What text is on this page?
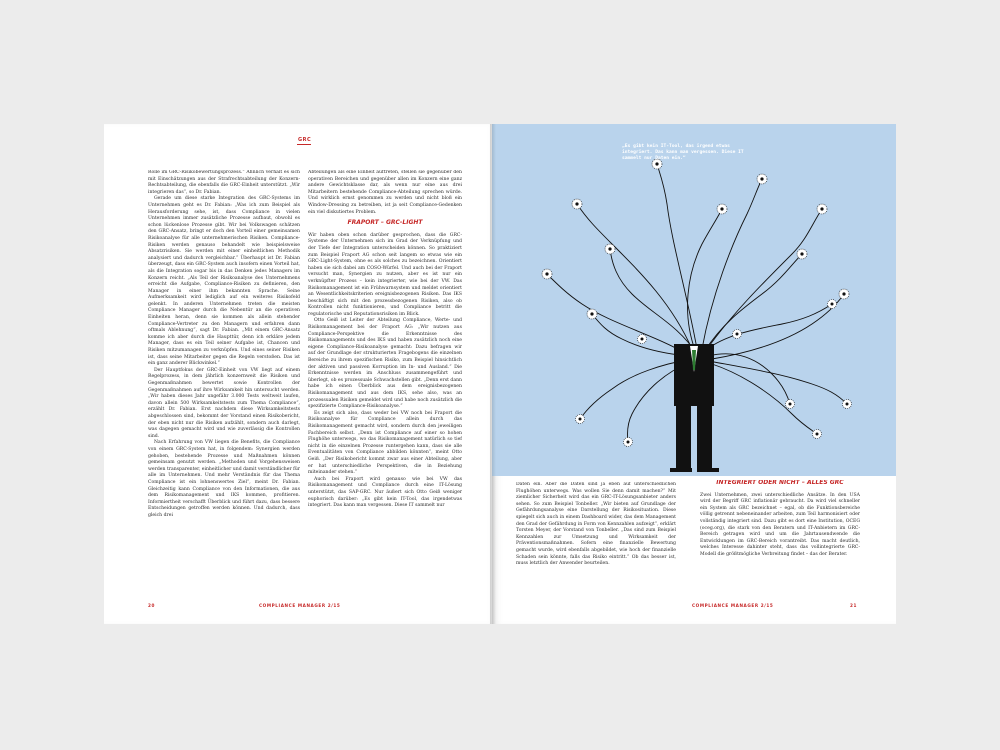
GRC

Rolle im GRC-Risikobewertungsprozess.“ Ähnlich verhält es sich mit Einschätzungen aus der Strafrechtsabteilung der Konzern-Rechtsabteilung, die ebenfalls die GRC-Einheit unterstützt. „Wir integrieren das“, so Dr. Fabian.

Gerade um diese starke Integration des GRC-Systems im Unternehmen geht es Dr. Fabian: „Was ich zum Beispiel als Herausforderung sehe, ist, dass Compliance in vielen Unternehmen immer zusätzliche Prozesse aufbaut, obwohl es schon lückenlose Prozesse gibt. Wir bei Volkswagen schätzen den GRC-Ansatz, bringt er doch den Vorteil einer gemeinsamen Risikoanalyse für alle unternehmerischen Risiken. Compliance-Risiken werden genauso behandelt wie beispielsweise Absatzrisiken. Sie werden mit einer einheitlichen Methodik analysiert und dadurch vergleichbar.“ Überhaupt ist Dr. Fabian überzeugt, dass ein GRC-System auch insofern einen Vorteil hat, als die Integration sogar bis in das Denken jedes Managers im Konzern reicht. „Als Teil der Risikoanalyse des Unternehmens erreicht die Aufgabe, Compliance-Risiken zu definieren, den Manager in einer ihm bekannten Sprache. Seine Aufmerksamkeit wird lediglich auf ein weiteres Risikofeld gelenkt. In anderen Unternehmen treten die meisten Compliance Manager durch die Nebentür an die operativen Einheiten heran, denn sie kommen als allein stehender Compliance-Vertreter zu den Managern und erfahren dann oftmals Ablehnung“, sagt Dr. Fabian. „Mit einem GRC-Ansatz komme ich aber durch die Haupttür, denn ich erkläre jedem Manager, dass es ein Teil seiner Aufgabe ist, Chancen und Risiken mitzumanagen zu verknüpfen. Und eines seiner Risiken ist, dass seine Mitarbeiter gegen die Regeln verstoßen. Das ist ein ganz anderer Blickwinkel.“

Der Hauptfokus der GRC-Einheit von VW liegt auf einem Regelprozess, in dem jährlich konzernweit die Risiken und Gegenmaßnahmen bewertet sowie Kontrollen der Gegenmaßnahmen auf ihre Wirksamkeit hin untersucht werden. „Wir haben dieses Jahr ungefähr 3.000 Tests weltweit laufen, davon allein 500 Wirksamkeitstests zum Thema Compliance“, erzählt Dr. Fabian. Erst nachdem diese Wirksamkeitstests abgeschlossen sind, bekommt der Vorstand einen Risikobericht, der eben nicht nur die Risiken aufzählt, sondern auch darlegt, was dagegen gemacht wird und wie zuverlässig die Kontrollen sind.

Nach Erfahrung von VW liegen die Benefits, die Compliance von einem GRC-System hat, in folgendem: Synergien werden gehoben, bestehende Prozesse und Maßnahmen können gemeinsam genutzt werden. „Methoden und Vorgehensweisen werden transparenter, einheitlicher und damit verständlicher für alle im Unternehmen. Und mehr Verständnis für das Thema Compliance ist ein lohnenswertes Ziel“, meint Dr. Fabian. Gleichzeitig kann Compliance von den Informationen, die aus dem Risikomanagement und IKS kommen, profitieren. Informiertheit verschafft Überblick und führt dazu, dass bessere Entscheidungen getroffen werden können. Und dadurch, dass gleich drei

Abteilungen als eine Einheit auftreten, stellen sie gegenüber den operativen Bereichen und gegenüber allen im Konzern eine ganz andere Gewichtsklasse dar, als wenn nur eine aus drei Mitarbeitern bestehende Compliance-Abteilung sprechen würde. Und wirklich ernst genommen zu werden und nicht bloß ein Window-Dressing zu betreiben, ist ja seit Compliance-Gedenken ein viel diskutiertes Problem.

FRAPORT – GRC-LIGHT

Wir haben oben schon darüber gesprochen, dass die GRC-Systeme der Unternehmen sich im Grad der Verknüpfung und der Tiefe der Integration unterscheiden können. So praktiziert zum Beispiel Fraport AG schon seit langem so etwas wie ein GRC-Light-System, ohne es als solches zu bezeichnen. Orientiert haben sie sich dabei am COSO-Würfel. Und auch bei der Fraport versucht man, Synergien zu nutzen, aber es ist nur ein verknüpfter Prozess – kein integrierter, wie bei der VW. Das Risikomanagement ist ein Frühwarnsystem und meldet orientiert an Wesentlichkeitskriterien ereignisbezogenen Risiken. Das IKS beschäftigt sich mit den prozessbezogenen Risiken, also ob Kontrollen nicht funktionieren, und Compliance betritt die regulatorische und Reputationsrisiken im Blick.

Otto Geiß ist Leiter der Abteilung Compliance, Werte- und Risikomanagement bei der Fraport AG: „Wir nutzen aus Compliance-Perspektive die Erkenntnisse des Risikomanagements und des IKS und haben zusätzlich noch eine eigene Compliance-Risikoanalyse gemacht: Dazu befragen wir auf der Grundlage der strukturierten Fragebogens die einzelnen Bereiche zu ihrem spezifischen Risiko, zum Beispiel hinsichtlich der aktiven und passiven Korruption im In- und Ausland.“ Die Erkenntnisse werden im Anschluss zusammengeführt und überlegt, ob es prozessuale Schwachstellen gibt. „Denn erst dann habe ich einen Überblick aus dem ereignisbezogenen Risikomanagement und aus dem IKS, sehe also, was an prozessualen Risiken gemeldet wird und habe noch zusätzlich die spezifizierte Compliance-Risikoanalyse.“

Es zeigt sich also, dass weder bei VW noch bei Fraport die Risikoanalyse für Compliance allein durch das Risikomanagement gemacht wird, sondern durch den jeweiligen Fachbereich selbst. „Denn ist Compliance auf einer so hohen Flughöhe unterwegs, wo das Risikomanagement natürlich so tief nicht in die einzelnen Prozesse runtergehen kann, dass sie alle Eventualitäten von Compliance abbilden könnten“, meint Otto Geiß. „Der Risikobericht kommt zwar aus einer Abteilung, aber er hat unterschiedliche Perspektiven, die in Beziehung miteinander stehen.“

Auch bei Fraport wird genauso wie bei VW das Risikomanagement und Compliance durch eine IT-Lösung unterstützt, das SAP-GRC. Nur äußert sich Otto Geiß weniger euphorisch darüber: „Es gibt kein IT-Tool, das irgendetwas integriert. Das kann man vergessen. Diese IT sammelt nur

20	COMPLIANCE MANAGER 2/15
„Es gibt kein IT-Tool, das irgend etwas integriert. Das kann man vergessen. Diese IT sammelt nur Daten ein.“

Daten ein. Aber die Daten sind ja eben auf unterschiedlichen Flughöhen unterwegs. Was wollen Sie denn damit machen?“ Mit ziemlicher Sicherheit wird das ein GRC-IT-Lösungsanbieter anders sehen. So zum Beispiel Tonbeller. „Wir bieten auf Grundlage der Gefährdungsanalyse eine Darstellung der Risikosituation. Diese spiegelt sich auch in einem Dashboard wider, das dem Management den Grad der Gefährdung in Form von Kennzahlen aufzeigt“, erklärt Torsten Meyer, der Vorstand von Tonbeller. „Das sind zum Beispiel Kennzahlen zur Umsetzung und Wirksamkeit der Präventionsmaßnahmen. Sofern eine finanzielle Bewertung gemacht wurde, wird ebenfalls abgebildet, wie hoch der finanzielle Schaden sein könnte, falls das Risiko eintritt.“ Ob das besser ist, muss letztlich der Anwender beurteilen.

INTEGRIERT ODER NICHT – ALLES GRC

Zwei Unternehmen, zwei unterschiedliche Ansätze. In den USA wird der Begriff GRC inflationär gebraucht. Da wird viel schneller ein System als GRC bezeichnet – egal, ob die Funktionsbereiche völlig getrennt nebeneinander arbeiten, zum Teil harmonisiert oder vollständig integriert sind. Dazu gibt es dort eine Institution, OCEG (oceg.org), die stark von den Beratern und IT-Anbietern im GRC-Bereich getragen wird und um die Jahrtausendwende die Entwicklungen im GRC-Bereich vorantreibt. Das macht deutlich, welches Interesse dahinter steht, dass das vollintegrierte GRC-Modell die größtmögliche Verbreitung findet – das der Berater.

COMPLIANCE MANAGER 2/15	21
